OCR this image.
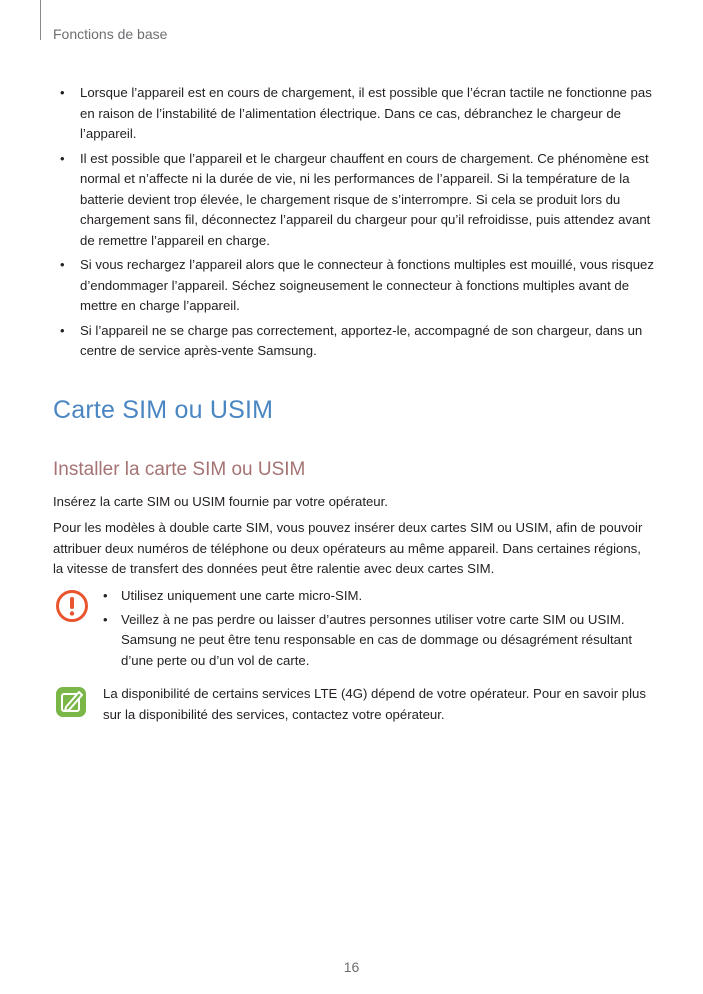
Fonctions de base
• Lorsque l’appareil est en cours de chargement, il est possible que l’écran tactile ne fonctionne pas en raison de l’instabilité de l’alimentation électrique. Dans ce cas, débranchez le chargeur de l’appareil.
• Il est possible que l’appareil et le chargeur chauffent en cours de chargement. Ce phénomène est normal et n’affecte ni la durée de vie, ni les performances de l’appareil. Si la température de la batterie devient trop élevée, le chargement risque de s’interrompre. Si cela se produit lors du chargement sans fil, déconnectez l’appareil du chargeur pour qu’il refroidisse, puis attendez avant de remettre l’appareil en charge.
• Si vous rechargez l’appareil alors que le connecteur à fonctions multiples est mouillé, vous risquez d’endommager l’appareil. Séchez soigneusement le connecteur à fonctions multiples avant de mettre en charge l’appareil.
• Si l’appareil ne se charge pas correctement, apportez-le, accompagné de son chargeur, dans un centre de service après-vente Samsung.
Carte SIM ou USIM
Installer la carte SIM ou USIM

Insérez la carte SIM ou USIM fournie par votre opérateur.

Pour les modèles à double carte SIM, vous pouvez insérer deux cartes SIM ou USIM, afin de pouvoir attribuer deux numéros de téléphone ou deux opérateurs au même appareil. Dans certaines régions, la vitesse de transfert des données peut être ralentie avec deux cartes SIM.

• Utilisez uniquement une carte micro-SIM.
• Veillez à ne pas perdre ou laisser d’autres personnes utiliser votre carte SIM ou USIM. Samsung ne peut être tenu responsable en cas de dommage ou désagrément résultant d’une perte ou d’un vol de carte.

La disponibilité de certains services LTE (4G) dépend de votre opérateur. Pour en savoir plus sur la disponibilité des services, contactez votre opérateur.

16
